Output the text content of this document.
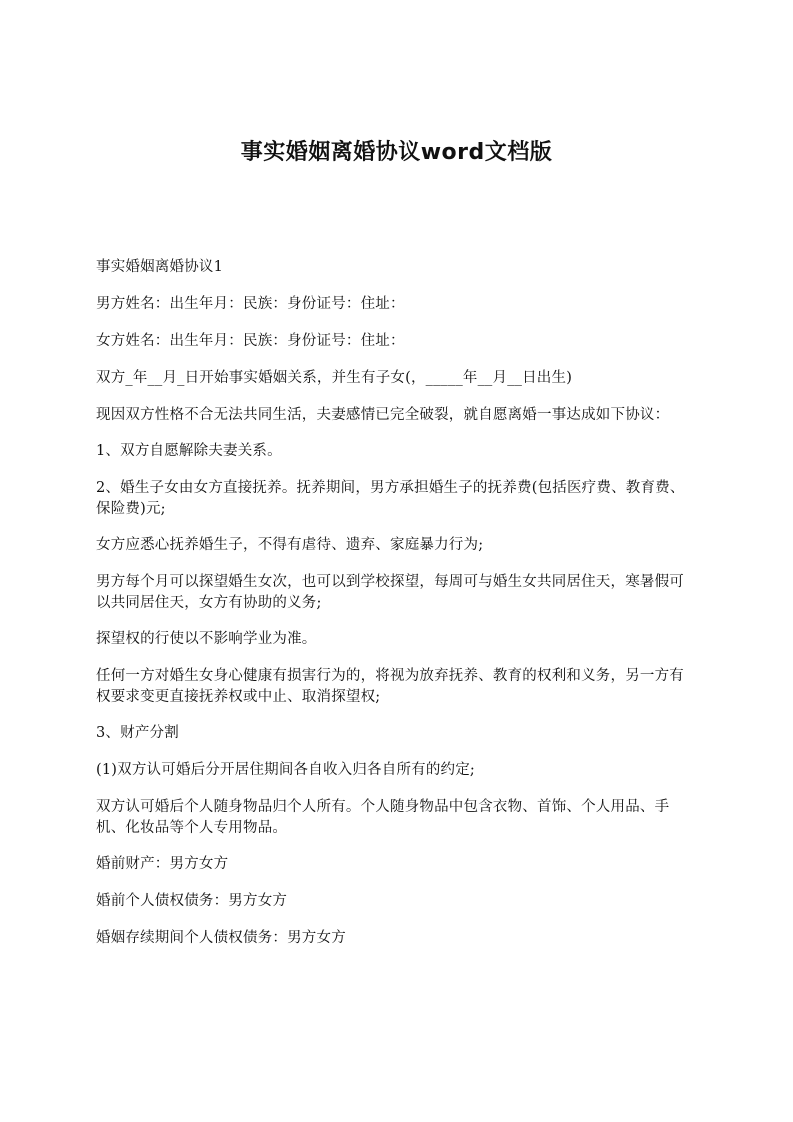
事实婚姻离婚协议word文档版

事实婚姻离婚协议1

男方姓名：出生年月：民族：身份证号：住址：

女方姓名：出生年月：民族：身份证号：住址：

双方_年__月_日开始事实婚姻关系，并生有子女(，_____年__月__日出生)

现因双方性格不合无法共同生活，夫妻感情已完全破裂，就自愿离婚一事达成如下协议：

1、双方自愿解除夫妻关系。

2、婚生子女由女方直接抚养。抚养期间，男方承担婚生子的抚养费(包括医疗费、教育费、保险费)元;

女方应悉心抚养婚生子，不得有虐待、遗弃、家庭暴力行为;

男方每个月可以探望婚生女次，也可以到学校探望，每周可与婚生女共同居住天，寒暑假可以共同居住天，女方有协助的义务;

探望权的行使以不影响学业为准。

任何一方对婚生女身心健康有损害行为的，将视为放弃抚养、教育的权利和义务，另一方有权要求变更直接抚养权或中止、取消探望权;

3、财产分割

(1)双方认可婚后分开居住期间各自收入归各自所有的约定;

双方认可婚后个人随身物品归个人所有。个人随身物品中包含衣物、首饰、个人用品、手机、化妆品等个人专用物品。

婚前财产：男方女方

婚前个人债权债务：男方女方

婚姻存续期间个人债权债务：男方女方
